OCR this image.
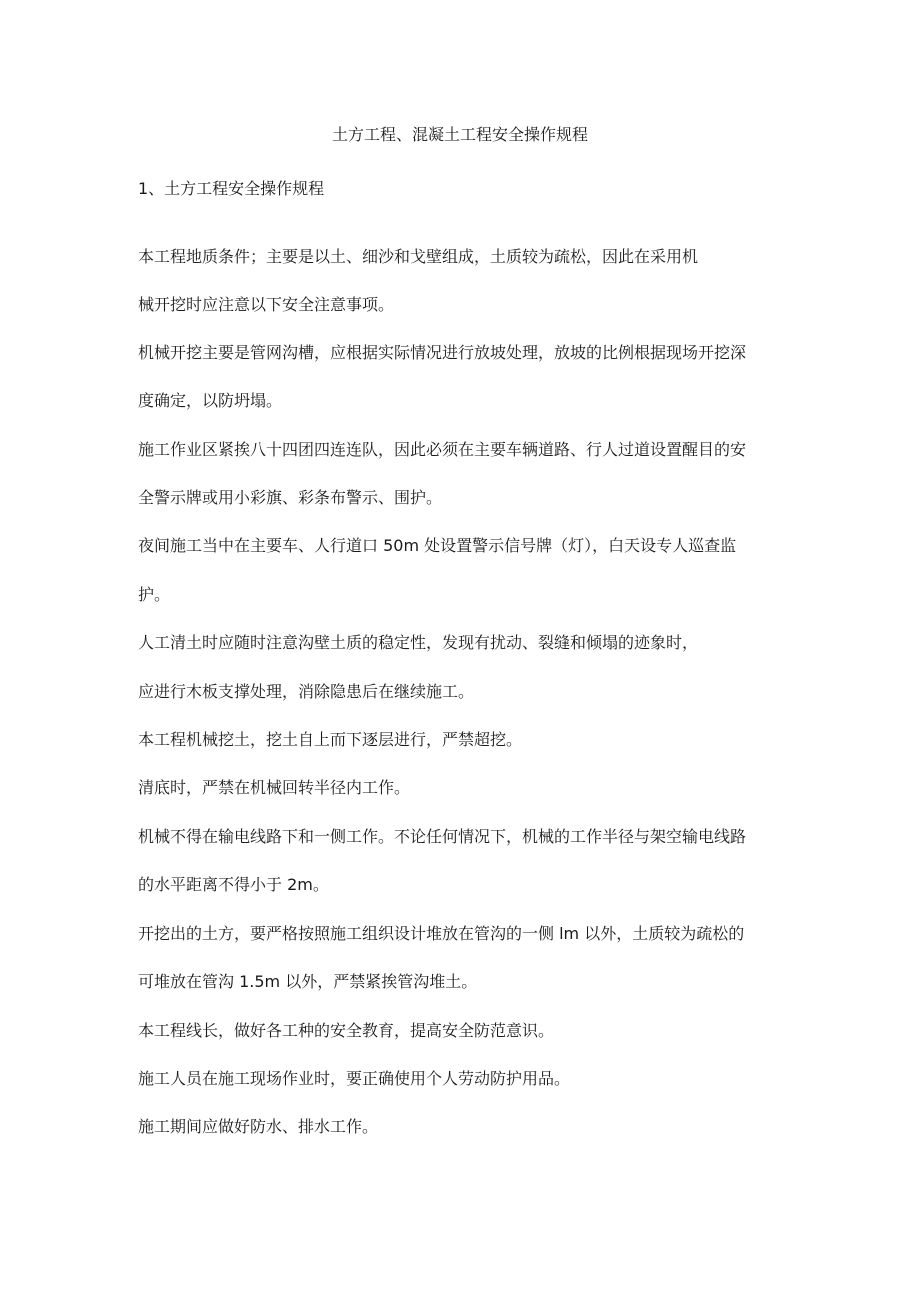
土方工程、混凝土工程安全操作规程
1、土方工程安全操作规程
本工程地质条件；主要是以土、细沙和戈壁组成，土质较为疏松，因此在采用机
械开挖时应注意以下安全注意事项。
机械开挖主要是管网沟槽，应根据实际情况进行放坡处理，放坡的比例根据现场开挖深
度确定，以防坍塌。
施工作业区紧挨八十四团四连连队，因此必须在主要车辆道路、行人过道设置醒目的安
全警示牌或用小彩旗、彩条布警示、围护。
夜间施工当中在主要车、人行道口 50m 处设置警示信号牌（灯），白天设专人巡查监
护。
人工清土时应随时注意沟壁土质的稳定性，发现有扰动、裂缝和倾塌的迹象时，
应进行木板支撑处理，消除隐患后在继续施工。
本工程机械挖土，挖土自上而下逐层进行，严禁超挖。
清底时，严禁在机械回转半径内工作。
机械不得在输电线路下和一侧工作。不论任何情况下，机械的工作半径与架空输电线路
的水平距离不得小于 2m。
开挖出的土方，要严格按照施工组织设计堆放在管沟的一侧 lm 以外，土质较为疏松的
可堆放在管沟 1.5m 以外，严禁紧挨管沟堆土。
本工程线长，做好各工种的安全教育，提高安全防范意识。
施工人员在施工现场作业时，要正确使用个人劳动防护用品。
施工期间应做好防水、排水工作。
